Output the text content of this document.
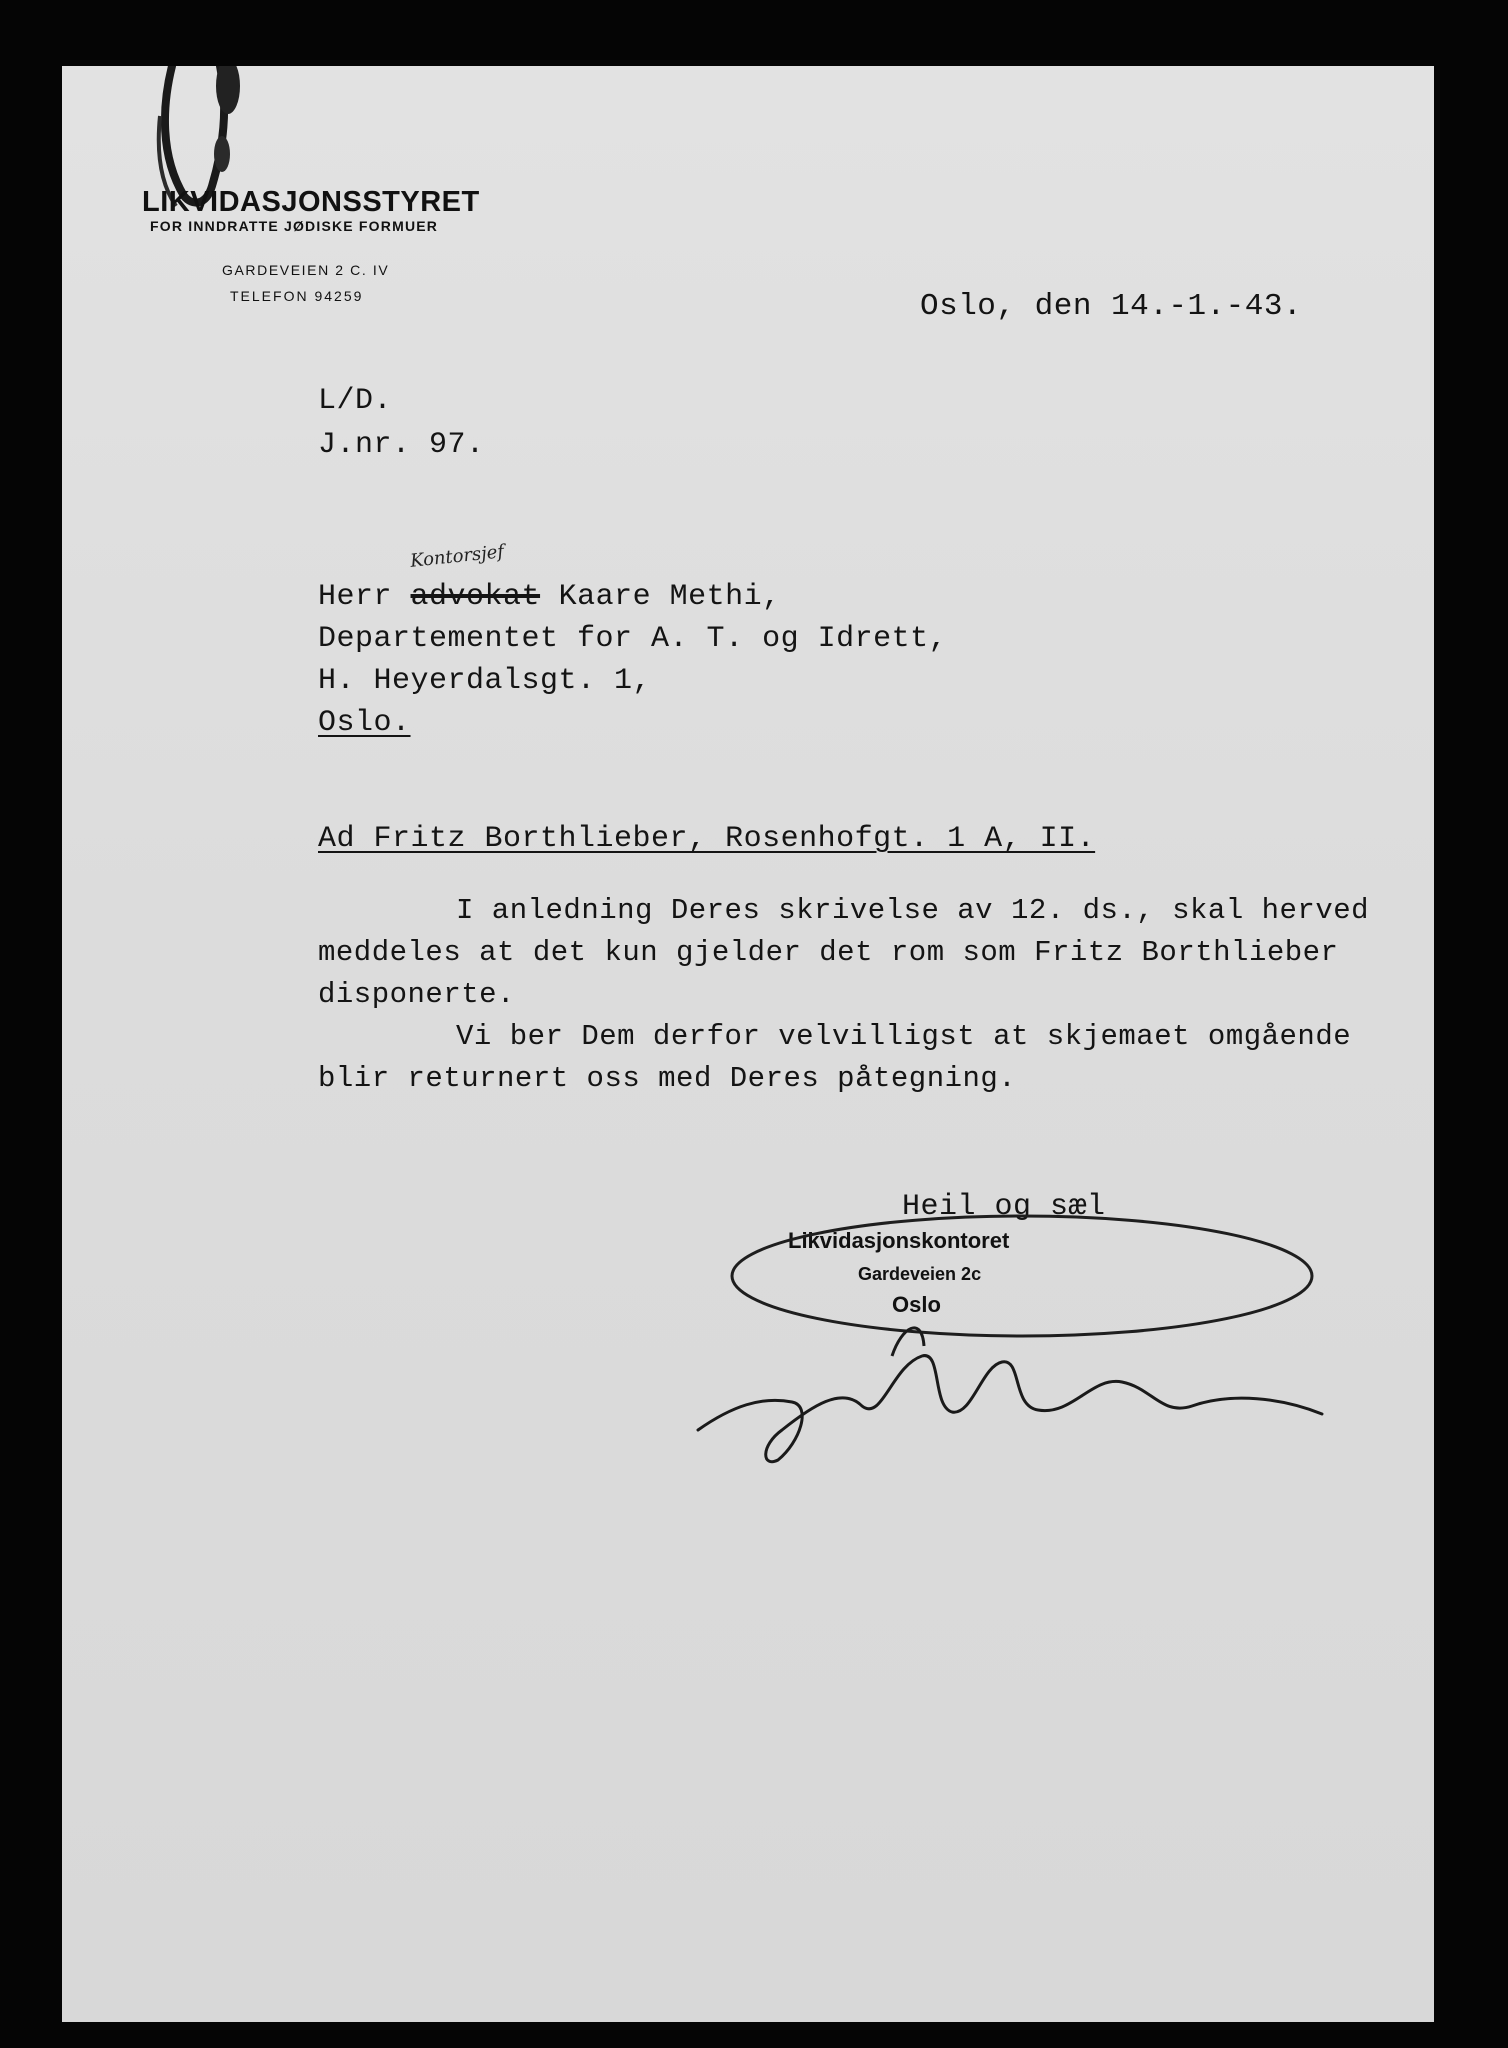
LIKVIDASJONSSTYRET
FOR INNDRATTE JØDISKE FORMUER
GARDEVEIEN 2 C. IV
TELEFON 94259	Oslo, den 14.-1.-43.
L/D.
J.nr. 97.
Herr advokat Kaare Methi,
Kontorsjef
Departementet for A. T. og Idrett,
H. Heyerdalsgt. 1,
Oslo.
Ad Fritz Borthlieber, Rosenhofgt. 1 A, II.
I anledning Deres skrivelse av 12. ds., skal herved
meddeles at det kun gjelder det rom som Fritz Borthlieber
disponerte.
Vi ber Dem derfor velvilligst at skjemaet omgående
blir returnert oss med Deres påtegning.
Heil og sæl
Likvidasjonskontoret
Gardeveien 2c
Oslo
